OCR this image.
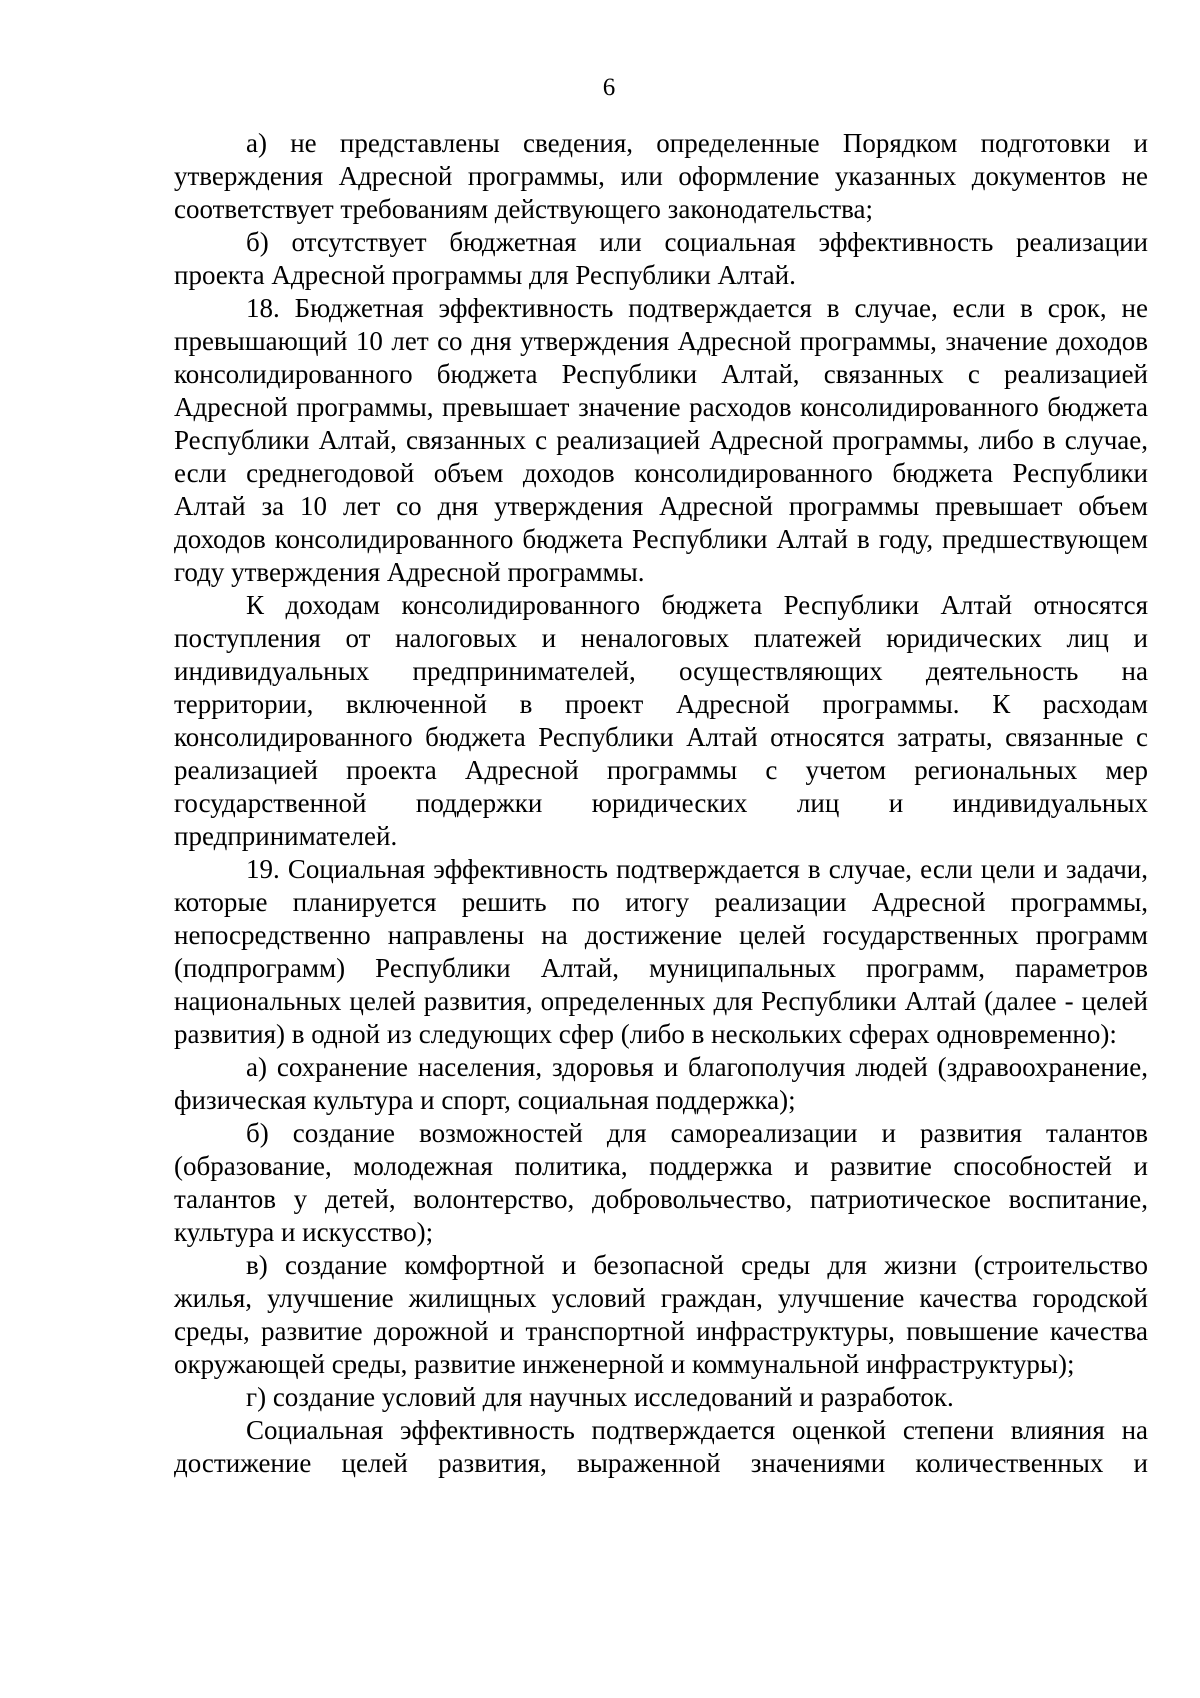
6

а) не представлены сведения, определенные Порядком подготовки и утверждения Адресной программы, или оформление указанных документов не соответствует требованиям действующего законодательства;

б) отсутствует бюджетная или социальная эффективность реализации проекта Адресной программы для Республики Алтай.

18. Бюджетная эффективность подтверждается в случае, если в срок, не превышающий 10 лет со дня утверждения Адресной программы, значение доходов консолидированного бюджета Республики Алтай, связанных с реализацией Адресной программы, превышает значение расходов консолидированного бюджета Республики Алтай, связанных с реализацией Адресной программы, либо в случае, если среднегодовой объем доходов консолидированного бюджета Республики Алтай за 10 лет со дня утверждения Адресной программы превышает объем доходов консолидированного бюджета Республики Алтай в году, предшествующем году утверждения Адресной программы.

К доходам консолидированного бюджета Республики Алтай относятся поступления от налоговых и неналоговых платежей юридических лиц и индивидуальных предпринимателей, осуществляющих деятельность на территории, включенной в проект Адресной программы. К расходам консолидированного бюджета Республики Алтай относятся затраты, связанные с реализацией проекта Адресной программы с учетом региональных мер государственной поддержки юридических лиц и индивидуальных предпринимателей.

19. Социальная эффективность подтверждается в случае, если цели и задачи, которые планируется решить по итогу реализации Адресной программы, непосредственно направлены на достижение целей государственных программ (подпрограмм) Республики Алтай, муниципальных программ, параметров национальных целей развития, определенных для Республики Алтай (далее - целей развития) в одной из следующих сфер (либо в нескольких сферах одновременно):

а) сохранение населения, здоровья и благополучия людей (здравоохранение, физическая культура и спорт, социальная поддержка);

б) создание возможностей для самореализации и развития талантов (образование, молодежная политика, поддержка и развитие способностей и талантов у детей, волонтерство, добровольчество, патриотическое воспитание, культура и искусство);

в) создание комфортной и безопасной среды для жизни (строительство жилья, улучшение жилищных условий граждан, улучшение качества городской среды, развитие дорожной и транспортной инфраструктуры, повышение качества окружающей среды, развитие инженерной и коммунальной инфраструктуры);

г) создание условий для научных исследований и разработок.

Социальная эффективность подтверждается оценкой степени влияния на достижение целей развития, выраженной значениями количественных и
